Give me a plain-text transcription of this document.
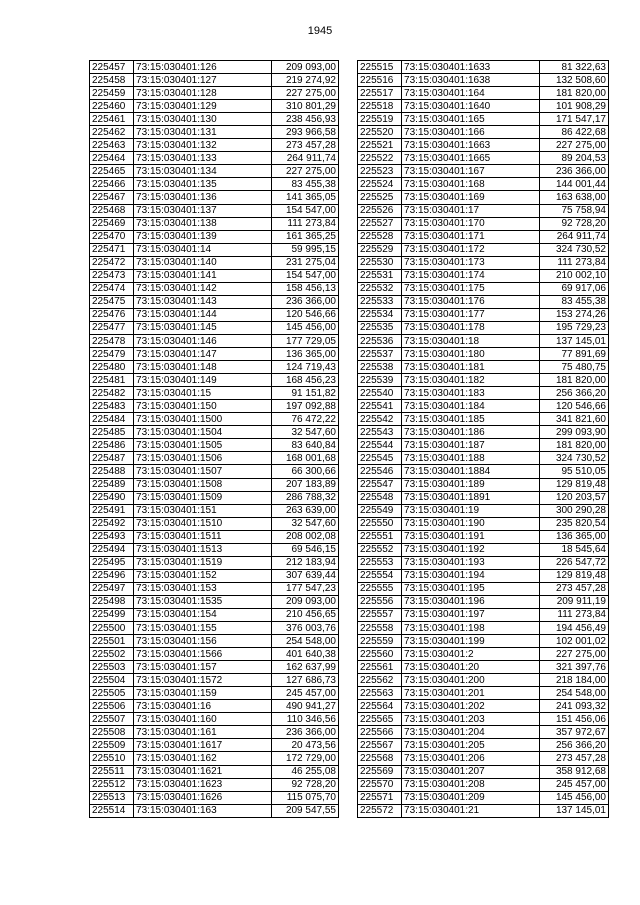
1945
225457	73:15:030401:126	209 093,00
225458	73:15:030401:127	219 274,92
225459	73:15:030401:128	227 275,00
225460	73:15:030401:129	310 801,29
225461	73:15:030401:130	238 456,93
225462	73:15:030401:131	293 966,58
225463	73:15:030401:132	273 457,28
225464	73:15:030401:133	264 911,74
225465	73:15:030401:134	227 275,00
225466	73:15:030401:135	83 455,38
225467	73:15:030401:136	141 365,05
225468	73:15:030401:137	154 547,00
225469	73:15:030401:138	111 273,84
225470	73:15:030401:139	161 365,25
225471	73:15:030401:14	59 995,15
225472	73:15:030401:140	231 275,04
225473	73:15:030401:141	154 547,00
225474	73:15:030401:142	158 456,13
225475	73:15:030401:143	236 366,00
225476	73:15:030401:144	120 546,66
225477	73:15:030401:145	145 456,00
225478	73:15:030401:146	177 729,05
225479	73:15:030401:147	136 365,00
225480	73:15:030401:148	124 719,43
225481	73:15:030401:149	168 456,23
225482	73:15:030401:15	91 151,82
225483	73:15:030401:150	197 092,88
225484	73:15:030401:1500	76 472,22
225485	73:15:030401:1504	32 547,60
225486	73:15:030401:1505	83 640,84
225487	73:15:030401:1506	168 001,68
225488	73:15:030401:1507	66 300,66
225489	73:15:030401:1508	207 183,89
225490	73:15:030401:1509	286 788,32
225491	73:15:030401:151	263 639,00
225492	73:15:030401:1510	32 547,60
225493	73:15:030401:1511	208 002,08
225494	73:15:030401:1513	69 546,15
225495	73:15:030401:1519	212 183,94
225496	73:15:030401:152	307 639,44
225497	73:15:030401:153	177 547,23
225498	73:15:030401:1535	209 093,00
225499	73:15:030401:154	210 456,65
225500	73:15:030401:155	376 003,76
225501	73:15:030401:156	254 548,00
225502	73:15:030401:1566	401 640,38
225503	73:15:030401:157	162 637,99
225504	73:15:030401:1572	127 686,73
225505	73:15:030401:159	245 457,00
225506	73:15:030401:16	490 941,27
225507	73:15:030401:160	110 346,56
225508	73:15:030401:161	236 366,00
225509	73:15:030401:1617	20 473,56
225510	73:15:030401:162	172 729,00
225511	73:15:030401:1621	46 255,08
225512	73:15:030401:1623	92 728,20
225513	73:15:030401:1626	115 075,70
225514	73:15:030401:163	209 547,55
225515	73:15:030401:1633	81 322,63
225516	73:15:030401:1638	132 508,60
225517	73:15:030401:164	181 820,00
225518	73:15:030401:1640	101 908,29
225519	73:15:030401:165	171 547,17
225520	73:15:030401:166	86 422,68
225521	73:15:030401:1663	227 275,00
225522	73:15:030401:1665	89 204,53
225523	73:15:030401:167	236 366,00
225524	73:15:030401:168	144 001,44
225525	73:15:030401:169	163 638,00
225526	73:15:030401:17	75 758,94
225527	73:15:030401:170	92 728,20
225528	73:15:030401:171	264 911,74
225529	73:15:030401:172	324 730,52
225530	73:15:030401:173	111 273,84
225531	73:15:030401:174	210 002,10
225532	73:15:030401:175	69 917,06
225533	73:15:030401:176	83 455,38
225534	73:15:030401:177	153 274,26
225535	73:15:030401:178	195 729,23
225536	73:15:030401:18	137 145,01
225537	73:15:030401:180	77 891,69
225538	73:15:030401:181	75 480,75
225539	73:15:030401:182	181 820,00
225540	73:15:030401:183	256 366,20
225541	73:15:030401:184	120 546,66
225542	73:15:030401:185	341 821,60
225543	73:15:030401:186	299 093,90
225544	73:15:030401:187	181 820,00
225545	73:15:030401:188	324 730,52
225546	73:15:030401:1884	95 510,05
225547	73:15:030401:189	129 819,48
225548	73:15:030401:1891	120 203,57
225549	73:15:030401:19	300 290,28
225550	73:15:030401:190	235 820,54
225551	73:15:030401:191	136 365,00
225552	73:15:030401:192	18 545,64
225553	73:15:030401:193	226 547,72
225554	73:15:030401:194	129 819,48
225555	73:15:030401:195	273 457,28
225556	73:15:030401:196	209 911,19
225557	73:15:030401:197	111 273,84
225558	73:15:030401:198	194 456,49
225559	73:15:030401:199	102 001,02
225560	73:15:030401:2	227 275,00
225561	73:15:030401:20	321 397,76
225562	73:15:030401:200	218 184,00
225563	73:15:030401:201	254 548,00
225564	73:15:030401:202	241 093,32
225565	73:15:030401:203	151 456,06
225566	73:15:030401:204	357 972,67
225567	73:15:030401:205	256 366,20
225568	73:15:030401:206	273 457,28
225569	73:15:030401:207	358 912,68
225570	73:15:030401:208	245 457,00
225571	73:15:030401:209	145 456,00
225572	73:15:030401:21	137 145,01
